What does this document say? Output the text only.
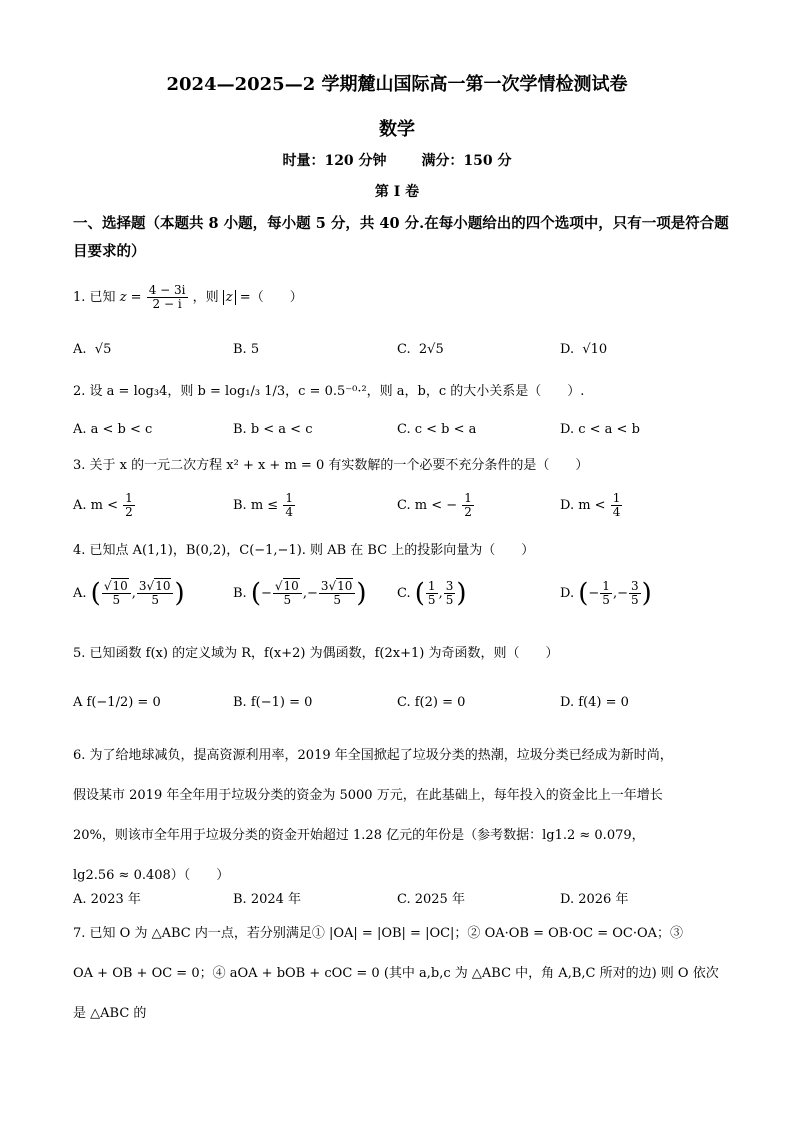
2024—2025—2 学期麓山国际高一第一次学情检测试卷
数学
时量：120 分钟 满分：150 分
第 I 卷
一、选择题（本题共 8 小题，每小题 5 分，共 40 分.在每小题给出的四个选项中，只有一项是符合题目要求的）
1. 已知 $z = \frac{4 - 3i}{2 - i}$ ，则 z =（　　）
A. √5	B. 5	C. 2√5	D. √10
2. 设 a = log₃4，则 b = log₁/₃ 1/3，c = 0.5⁻⁰·²，则 a，b，c 的大小关系是（　　）.
A. a < b < c	B. b < a < c	C. c < b < a	D. c < a < b
3. 关于 x 的一元二次方程 x² + x + m = 0 有实数解的一个必要不充分条件的是（　　）
A. $m < \frac{1}{2}$	B. $m \le \frac{1}{4}$	C. m < − $\frac{1}{2}$	D. $m < \frac{1}{4}$
4. 已知点 A(1,1)，B(0,2)，C(−1,−1). 则 AB 在 BC 上的投影向量为（　　）
A. ( $\frac{√10}{5}$ , $\frac{3√10}{5}$ )	B. (− $\frac{√10}{5}$ ,− $\frac{3√10}{5}$ ) C. ( $\frac{1}{5}$ , $\frac{3}{5}$ )	D. (− $\frac{1}{5}$ ,− $\frac{3}{5}$ )
5. 已知函数 f(x) 的定义域为 R，f(x+2) 为偶函数，f(2x+1) 为奇函数，则（　　）
A f(−1/2) = 0	B. f(−1) = 0	C. f(2) = 0	D. f(4) = 0
6. 为了给地球减负，提高资源利用率，2019 年全国掀起了垃圾分类的热潮，垃圾分类已经成为新时尚，
假设某市 2019 年全年用于垃圾分类的资金为 5000 万元，在此基础上，每年投入的资金比上一年增长
20%，则该市全年用于垃圾分类的资金开始超过 1.28 亿元的年份是（参考数据：lg1.2 ≈ 0.079，
lg2.56 ≈ 0.408）（　　）
A. 2023 年	B. 2024 年	C. 2025 年	D. 2026 年
7. 已知 O 为 △ABC 内一点，若分别满足① |OA| = |OB| = |OC|；② OA·OB = OB·OC = OC·OA；③
OA + OB + OC = 0；④ aOA + bOB + cOC = 0 (其中 a,b,c 为 △ABC 中，角 A,B,C 所对的边) 则 O 依次
是 △ABC 的
